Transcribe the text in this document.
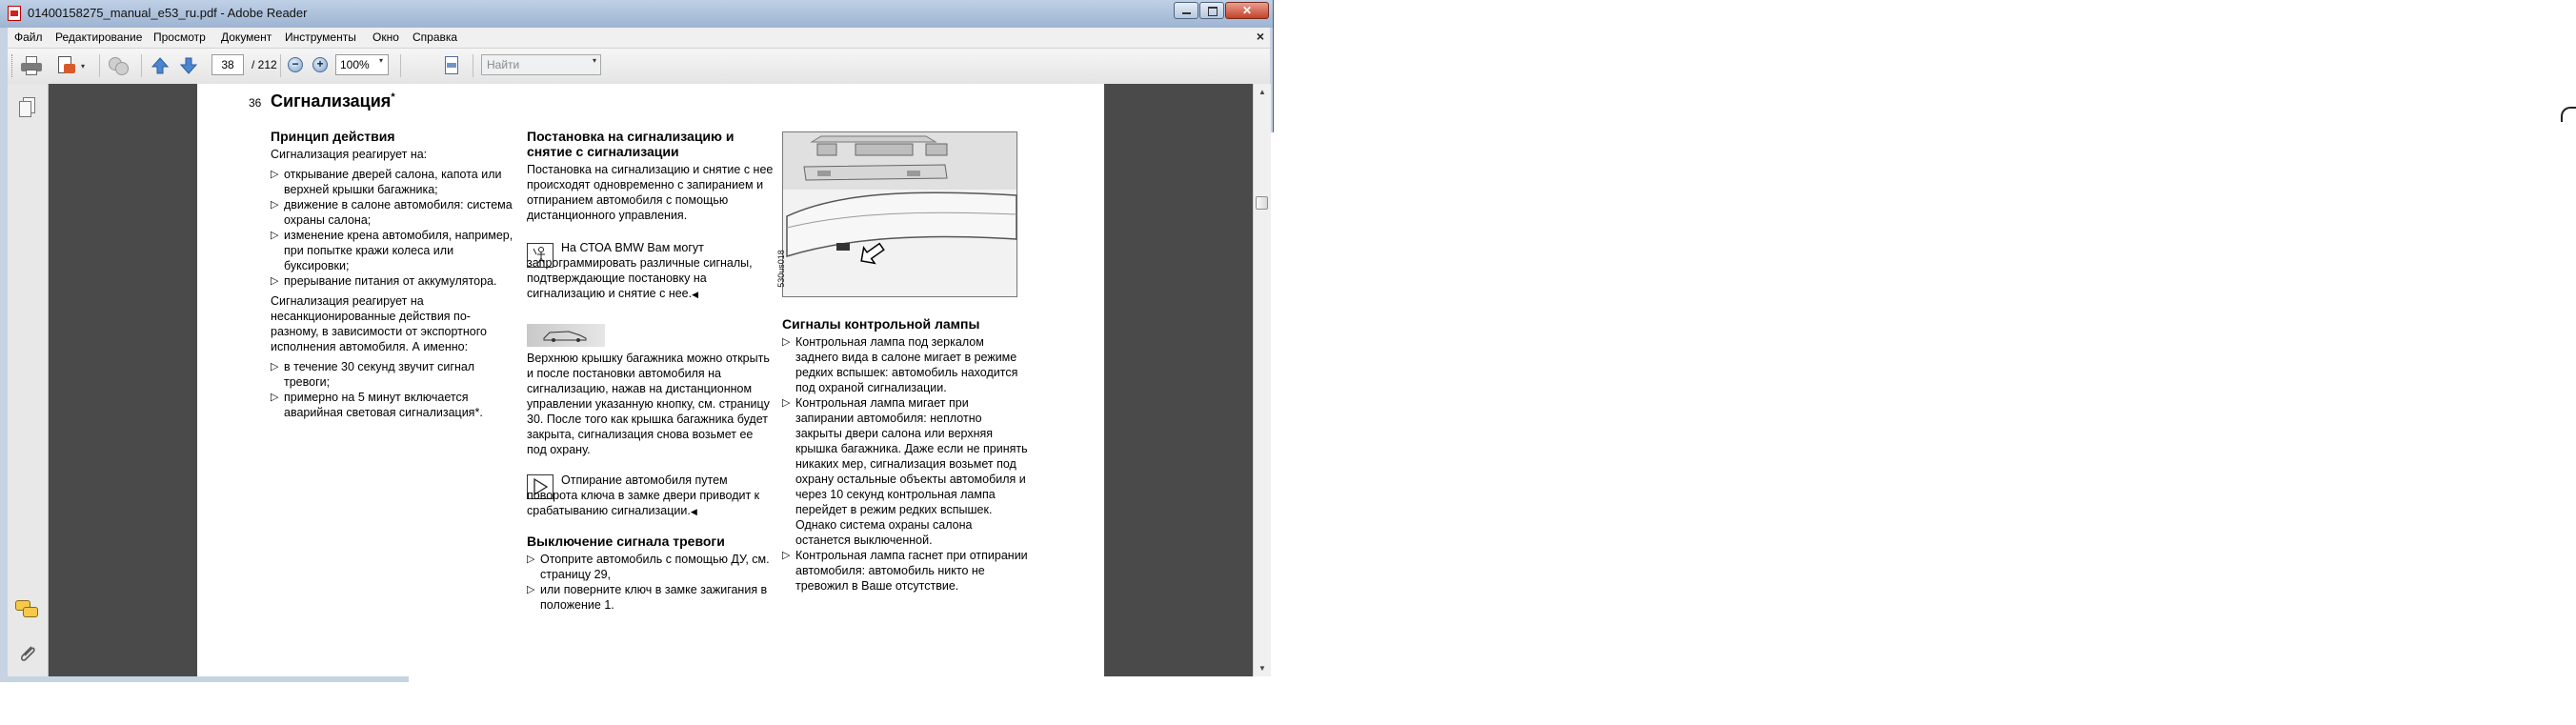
01400158275_manual_e53_ru.pdf - Adobe Reader	✕
Файл Редактирование Просмотр Документ Инструменты Окно Справка	×
▾	38	/ 212 − +	100%	▾	Найти	▾
▲
▼
36 Сигнализация*
Принцип действия
Сигнализация реагирует на:
▷ открывание дверей салона, капота или верхней крышки багажника;
▷ движение в салоне автомобиля: система охраны салона;
▷ изменение крена автомобиля, например, при попытке кражи колеса или буксировки;
▷ прерывание питания от аккумулятора.
Сигнализация реагирует на несанкционированные действия по-разному, в зависимости от экспортного исполнения автомобиля. А именно:
▷ в течение 30 секунд звучит сигнал тревоги;
▷ примерно на 5 минут включается аварийная световая сигнализация*.
Постановка на сигнализацию и снятие с сигнализации
Постановка на сигнализацию и снятие с нее происходят одновременно с запиранием и отпиранием автомобиля с помощью дистанционного управления.
На СТОА BMW Вам могут запрограммировать различные сигналы, подтверждающие постановку на сигнализацию и снятие с нее.◀
Верхнюю крышку багажника можно открыть и после постановки автомобиля на сигнализацию, нажав на дистанционном управлении указанную кнопку, см. страницу 30. После того как крышка багажника будет закрыта, сигнализация снова возьмет ее под охрану.
Отпирание автомобиля путем поворота ключа в замке двери приводит к срабатыванию сигнализации.◀
Выключение сигнала тревоги
▷ Отоприте автомобиль с помощью ДУ, см. страницу 29,
▷ или поверните ключ в замке зажигания в положение 1.
530us018
Сигналы контрольной лампы
▷ Контрольная лампа под зеркалом заднего вида в салоне мигает в режиме редких вспышек: автомобиль находится под охраной сигнализации.
▷ Контрольная лампа мигает при запирании автомобиля: неплотно закрыты двери салона или верхняя крышка багажника. Даже если не принять никаких мер, сигнализация возьмет под охрану остальные объекты автомобиля и через 10 секунд контрольная лампа перейдет в режим редких вспышек. Однако система охраны салона останется выключенной.
▷ Контрольная лампа гаснет при отпирании автомобиля: автомобиль никто не тревожил в Ваше отсутствие.
